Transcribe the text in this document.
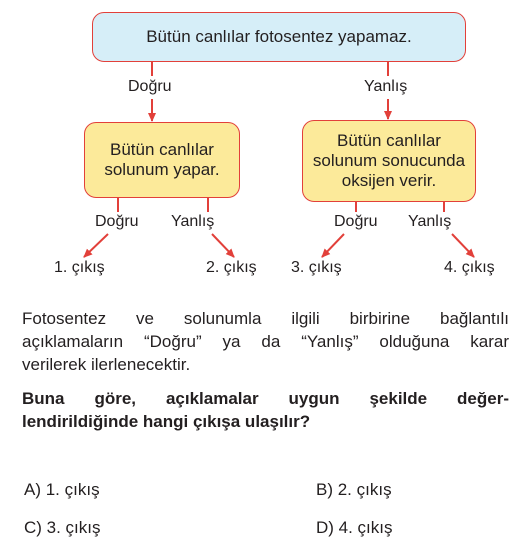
Bütün canlılar fotosentez yapamaz.
Doğru	Yanlış
Bütün canlılar
solunum yapar.
Bütün canlılar
solunum sonucunda
oksijen verir.
Doğru Yanlış	Doğru Yanlış
1. çıkış	2. çıkış 3. çıkış	4. çıkış
Fotosentez ve solunumla ilgili birbirine bağlantılı
açıklamaların “Doğru” ya da “Yanlış” olduğuna karar
verilerek ilerlenecektir.
Buna göre, açıklamalar uygun şekilde değer-
lendirildiğinde hangi çıkışa ulaşılır?
A) 1. çıkış	B) 2. çıkış
C) 3. çıkış	D) 4. çıkış
